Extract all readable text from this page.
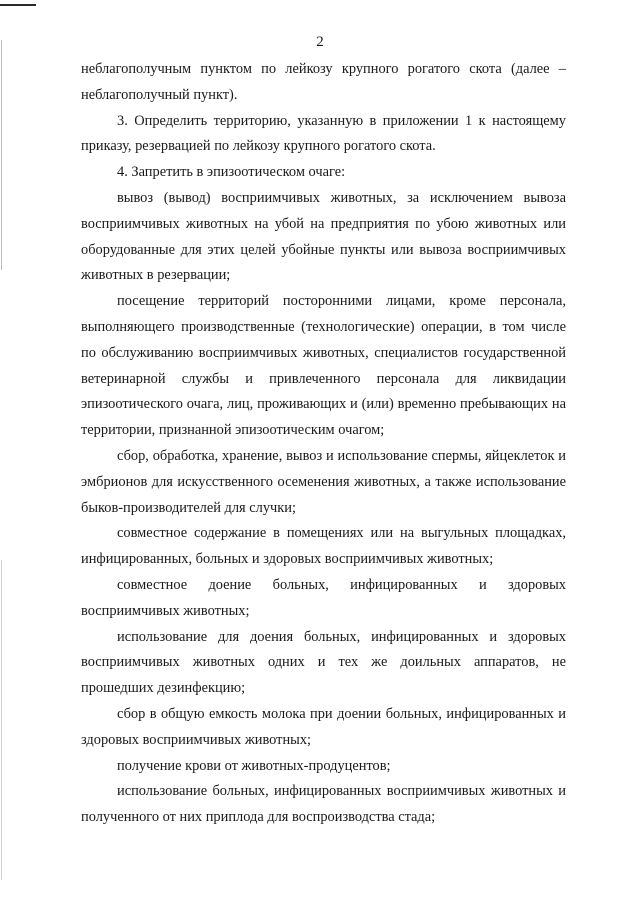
2

неблагополучным пунктом по лейкозу крупного рогатого скота (далее – неблагополучный пункт).

3. Определить территорию, указанную в приложении 1 к настоящему приказу, резервацией по лейкозу крупного рогатого скота.

4. Запретить в эпизоотическом очаге:

вывоз (вывод) восприимчивых животных, за исключением вывоза восприимчивых животных на убой на предприятия по убою животных или оборудованные для этих целей убойные пункты или вывоза восприимчивых животных в резервации;

посещение территорий посторонними лицами, кроме персонала, выполняющего производственные (технологические) операции, в том числе по обслуживанию восприимчивых животных, специалистов государственной ветеринарной службы и привлеченного персонала для ликвидации эпизоотического очага, лиц, проживающих и (или) временно пребывающих на территории, признанной эпизоотическим очагом;

сбор, обработка, хранение, вывоз и использование спермы, яйцеклеток и эмбрионов для искусственного осеменения животных, а также использование быков-производителей для случки;

совместное содержание в помещениях или на выгульных площадках, инфицированных, больных и здоровых восприимчивых животных;

совместное доение больных, инфицированных и здоровых восприимчивых животных;

использование для доения больных, инфицированных и здоровых восприимчивых животных одних и тех же доильных аппаратов, не прошедших дезинфекцию;

сбор в общую емкость молока при доении больных, инфицированных и здоровых восприимчивых животных;

получение крови от животных-продуцентов;

использование больных, инфицированных восприимчивых животных и полученного от них приплода для воспроизводства стада;
